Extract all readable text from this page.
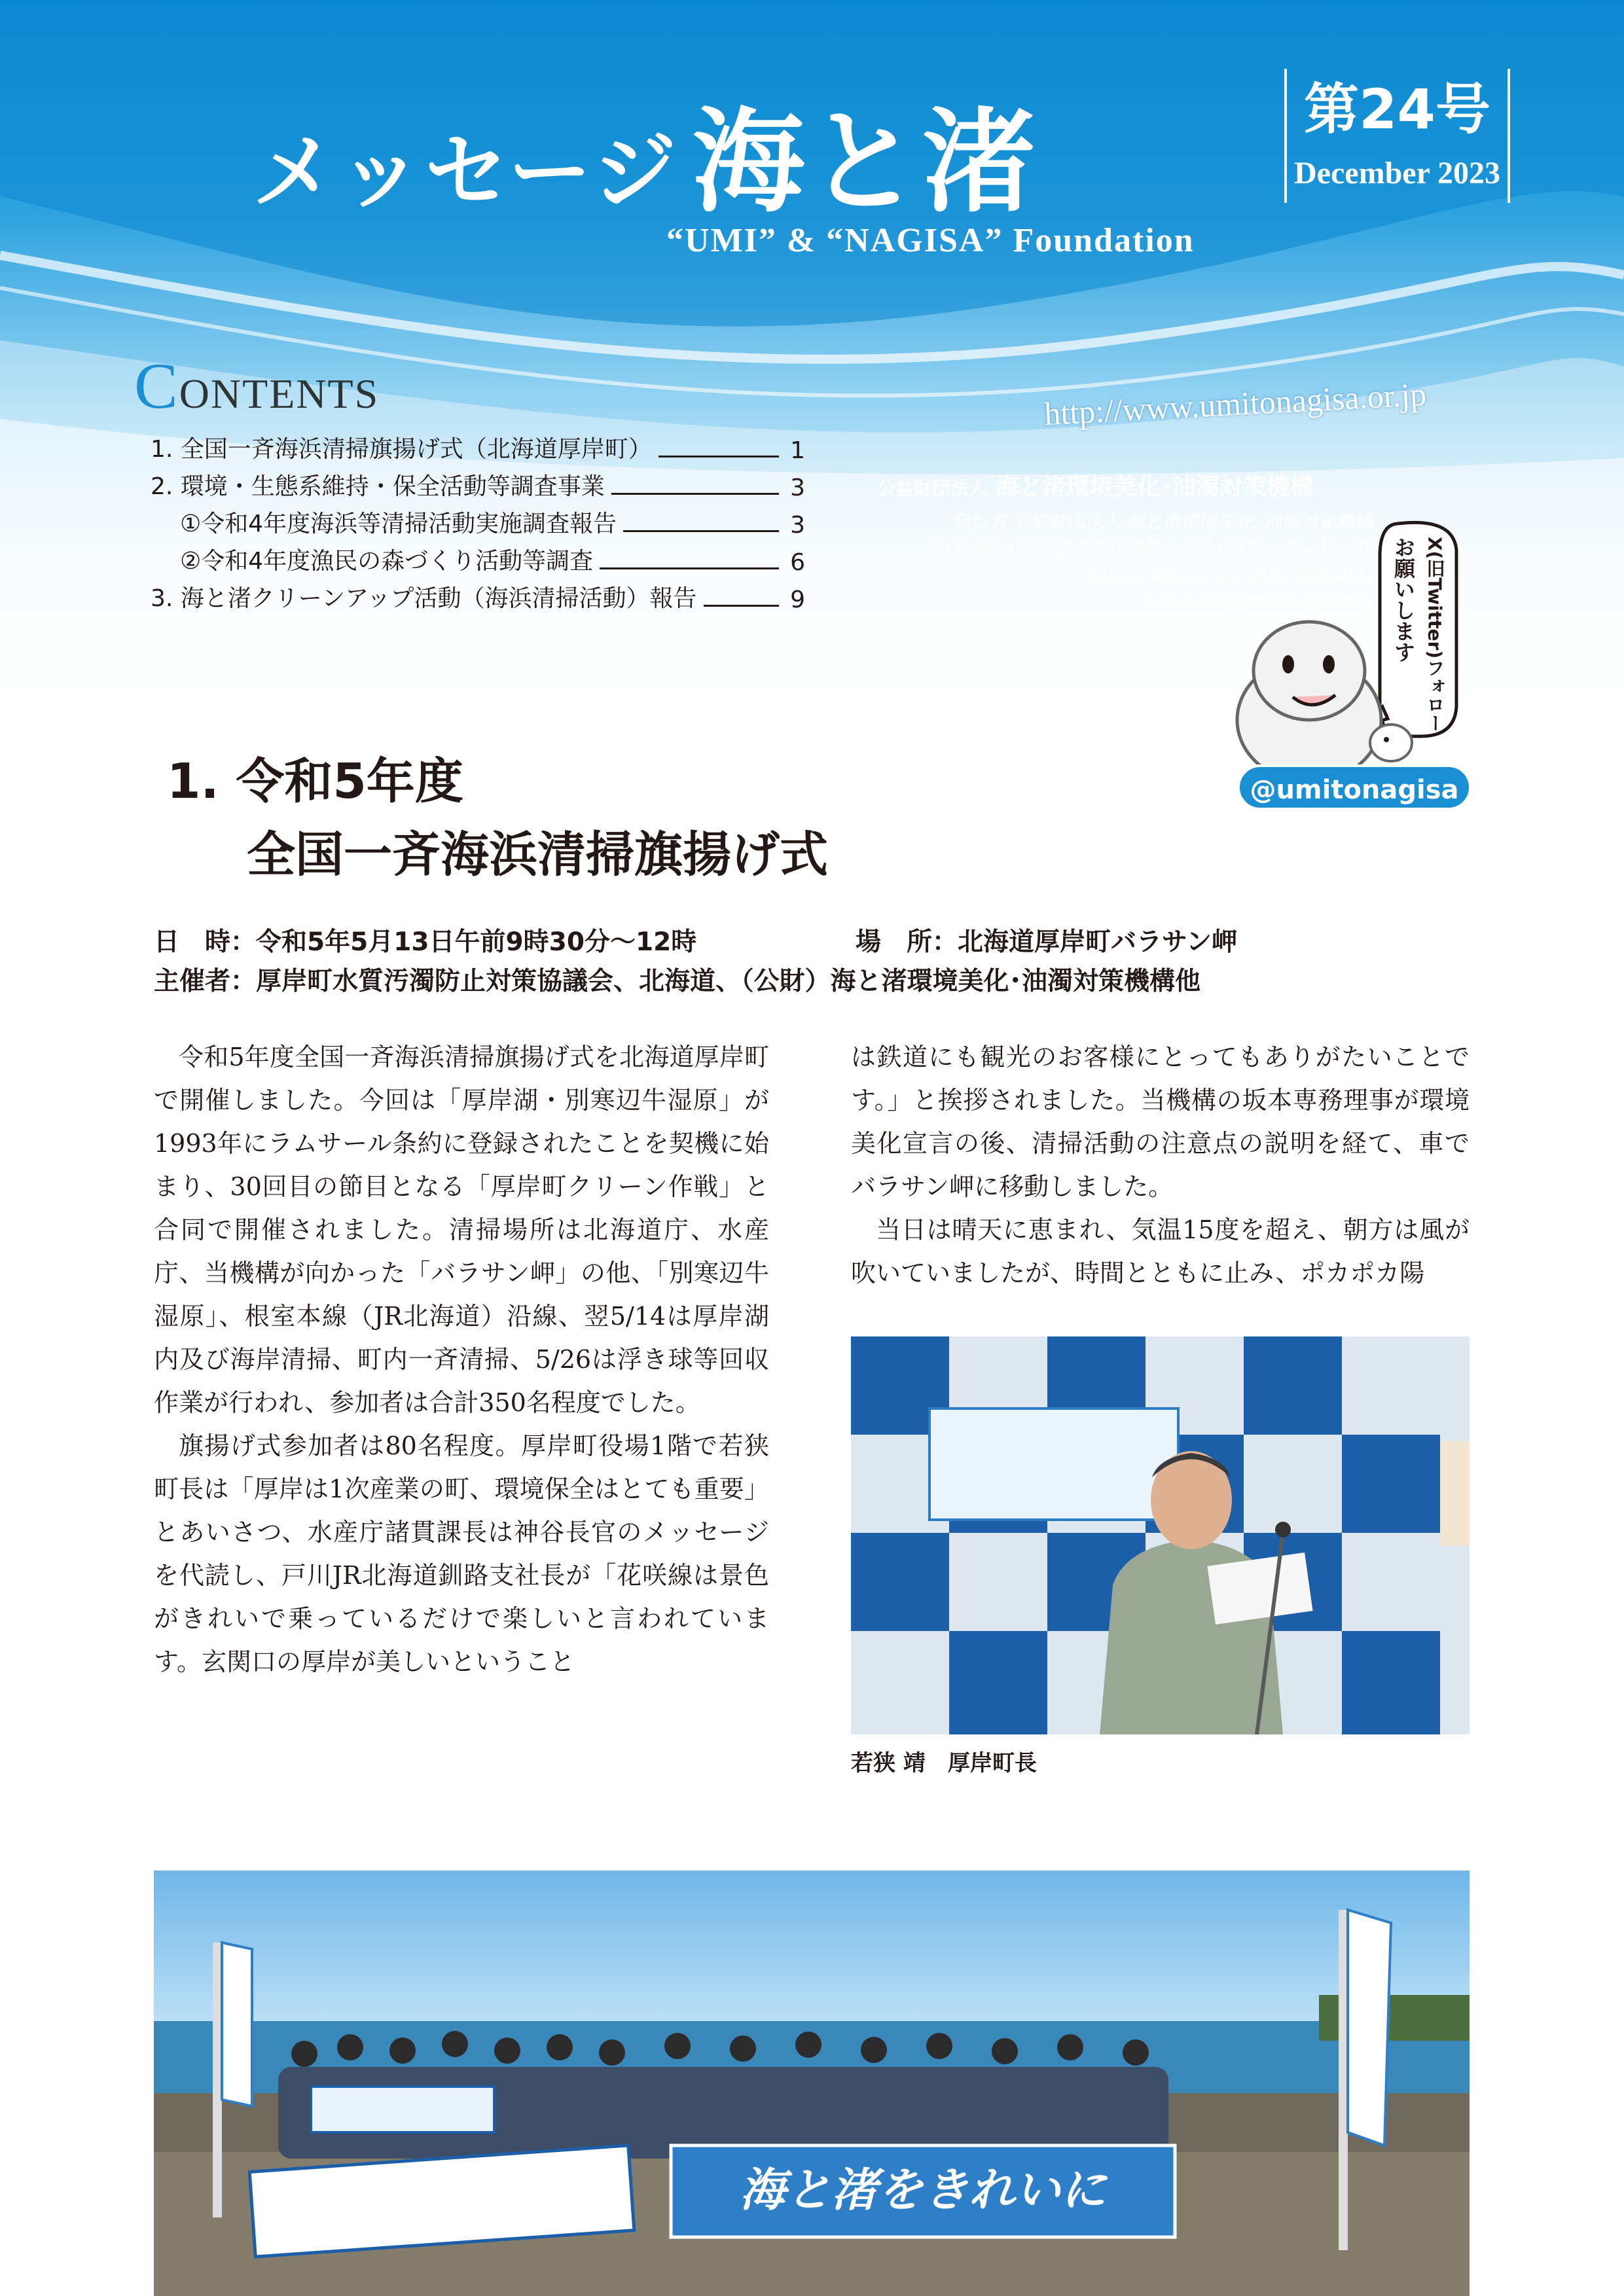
メッセージ 海と渚	第24号
December 2023
“UMI” & “NAGISA” Foundation
CONTENTS
1. 全国一斉海浜清掃旗揚げ式（北海道厚岸町）	1
2. 環境・生態系維持・保全活動等調査事業	3
①令和4年度海浜等清掃活動実施調査報告	3
②令和4年度漁民の森づくり活動等調査	6
3. 海と渚クリーンアップ活動（海浜清掃活動）報告	9
http://www.umitonagisa.or.jp
公益財団法人 海と渚環境美化･油濁対策機構
発行者 公益財団法人 海と渚環境美化･油濁対策機構
〒113-0034 東京都文京区湯島2-31-24 湯島ベアービル7F
TEL 03-5800-0130 FAX 03-5800-0131
E-mail info@umitonagisa.or.jp	X(旧Twitter)フォロー
お願いします
@umitonagisa
1. 令和5年度
全国一斉海浜清掃旗揚げ式
日　時：令和5年5月13日午前9時30分～12時	場　所：北海道厚岸町バラサン岬
主催者：厚岸町水質汚濁防止対策協議会、北海道、（公財）海と渚環境美化･油濁対策機構他

令和5年度全国一斉海浜清掃旗揚げ式を北海道厚岸町で開催しました。今回は「厚岸湖・別寒辺牛湿原」が1993年にラムサール条約に登録されたことを契機に始まり、30回目の節目となる「厚岸町クリーン作戦」と合同で開催されました。清掃場所は北海道庁、水産庁、当機構が向かった「バラサン岬」の他、「別寒辺牛湿原」、根室本線（JR北海道）沿線、翌5/14は厚岸湖内及び海岸清掃、町内一斉清掃、5/26は浮き球等回収作業が行われ、参加者は合計350名程度でした。

旗揚げ式参加者は80名程度。厚岸町役場1階で若狭町長は「厚岸は1次産業の町、環境保全はとても重要」とあいさつ、水産庁諸貫課長は神谷長官のメッセージを代読し、戸川JR北海道釧路支社長が「花咲線は景色がきれいで乗っているだけで楽しいと言われています。玄関口の厚岸が美しいということ

は鉄道にも観光のお客様にとってもありがたいことです。」と挨拶されました。当機構の坂本専務理事が環境美化宣言の後、清掃活動の注意点の説明を経て、車でバラサン岬に移動しました。

当日は晴天に恵まれ、気温15度を超え、朝方は風が吹いていましたが、時間とともに止み、ポカポカ陽

若狭 靖　厚岸町長
海と渚をきれいに
